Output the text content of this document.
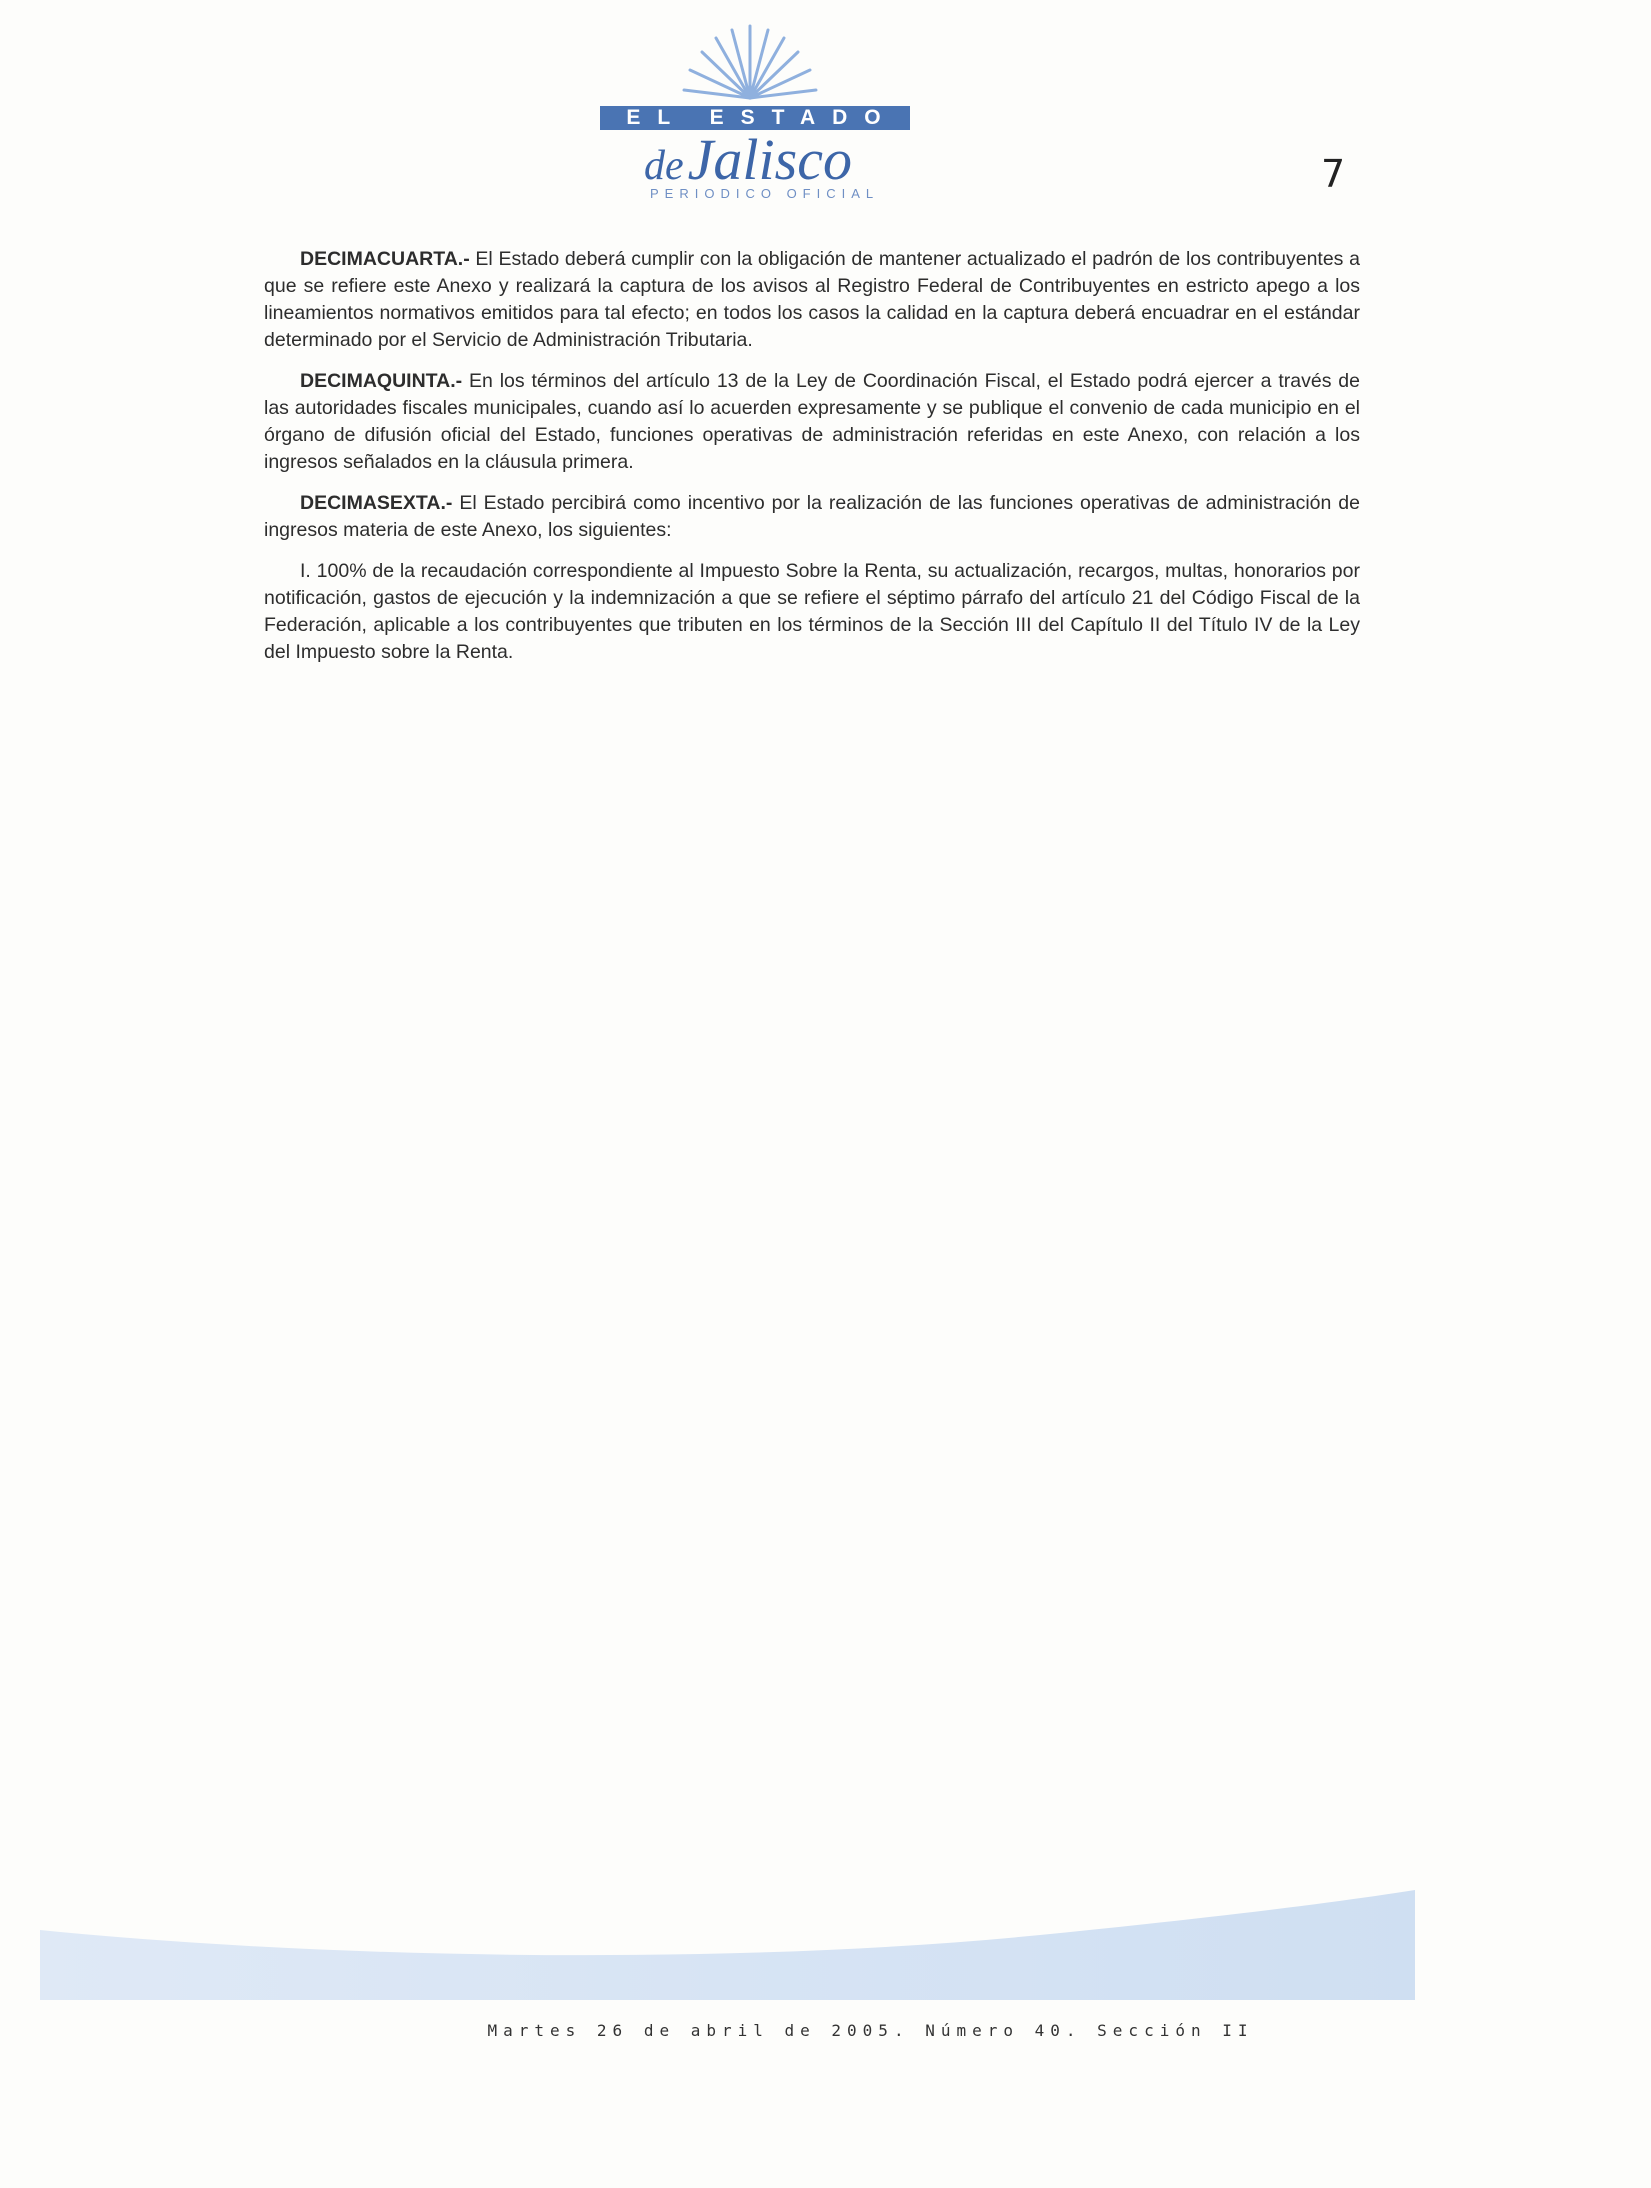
EL ESTADO
deJalisco
PERIODICO OFICIAL	7

DECIMACUARTA.- El Estado deberá cumplir con la obligación de mantener actualizado el padrón de los contribuyentes a que se refiere este Anexo y realizará la captura de los avisos al Registro Federal de Contribuyentes en estricto apego a los lineamientos normativos emitidos para tal efecto; en todos los casos la calidad en la captura deberá encuadrar en el estándar determinado por el Servicio de Administración Tributaria.

DECIMAQUINTA.- En los términos del artículo 13 de la Ley de Coordinación Fiscal, el Estado podrá ejercer a través de las autoridades fiscales municipales, cuando así lo acuerden expresamente y se publique el convenio de cada municipio en el órgano de difusión oficial del Estado, funciones operativas de administración referidas en este Anexo, con relación a los ingresos señalados en la cláusula primera.

DECIMASEXTA.- El Estado percibirá como incentivo por la realización de las funciones operativas de administración de ingresos materia de este Anexo, los siguientes:

I. 100% de la recaudación correspondiente al Impuesto Sobre la Renta, su actualización, recargos, multas, honorarios por notificación, gastos de ejecución y la indemnización a que se refiere el séptimo párrafo del artículo 21 del Código Fiscal de la Federación, aplicable a los contribuyentes que tributen en los términos de la Sección III del Capítulo II del Título IV de la Ley del Impuesto sobre la Renta.

Martes 26 de abril de 2005. Número 40. Sección II
